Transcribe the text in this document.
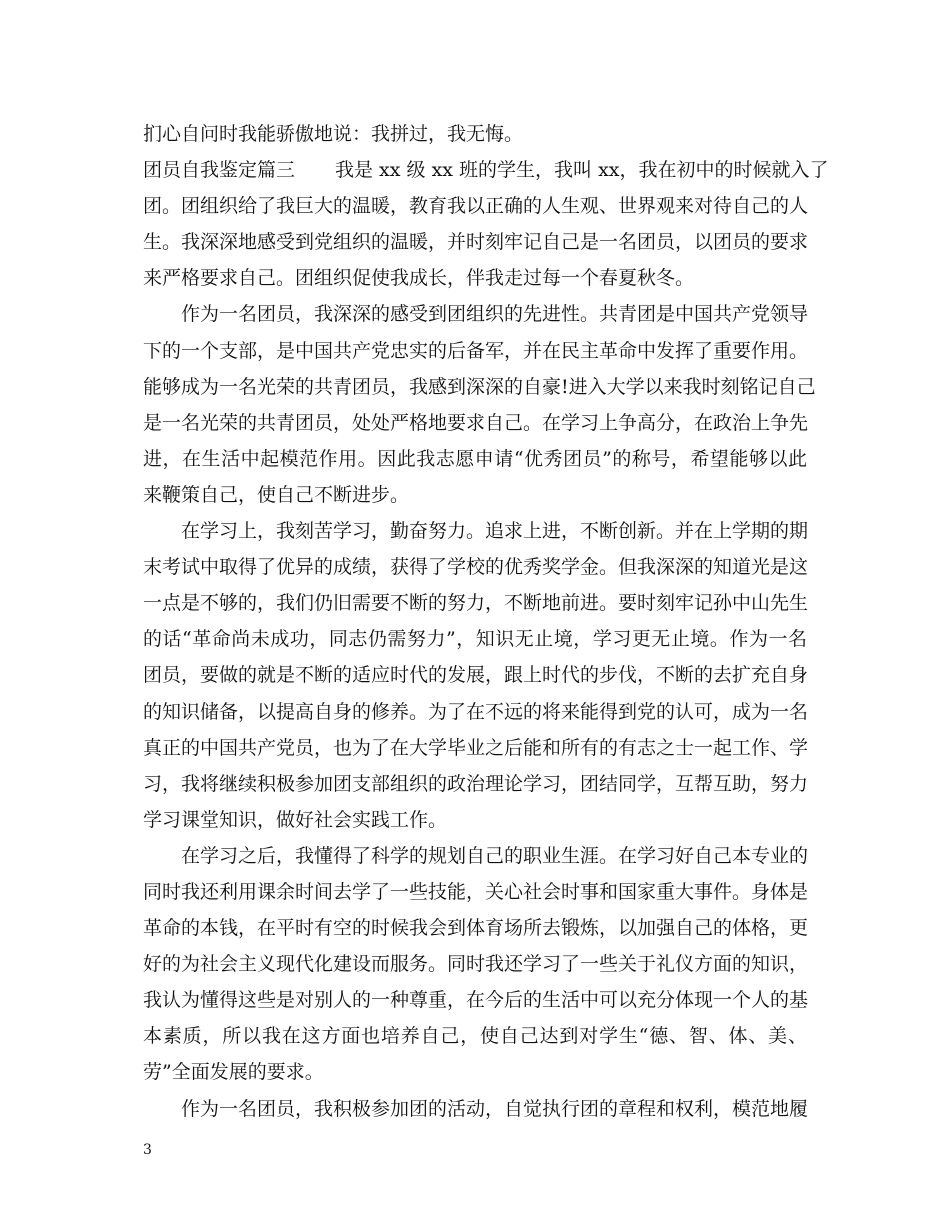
扪心自问时我能骄傲地说：我拼过，我无悔。
团员自我鉴定篇三 我是 xx 级 xx 班的学生，我叫 xx，我在初中的时候就入了
团。团组织给了我巨大的温暖，教育我以正确的人生观、世界观来对待自己的人
生。我深深地感受到党组织的温暖，并时刻牢记自己是一名团员，以团员的要求
来严格要求自己。团组织促使我成长，伴我走过每一个春夏秋冬。
作为一名团员，我深深的感受到团组织的先进性。共青团是中国共产党领导
下的一个支部，是中国共产党忠实的后备军，并在民主革命中发挥了重要作用。
能够成为一名光荣的共青团员，我感到深深的自豪!进入大学以来我时刻铭记自己
是一名光荣的共青团员，处处严格地要求自己。在学习上争高分，在政治上争先
进，在生活中起模范作用。因此我志愿申请“优秀团员”的称号，希望能够以此
来鞭策自己，使自己不断进步。
在学习上，我刻苦学习，勤奋努力。追求上进，不断创新。并在上学期的期
末考试中取得了优异的成绩，获得了学校的优秀奖学金。但我深深的知道光是这
一点是不够的，我们仍旧需要不断的努力，不断地前进。要时刻牢记孙中山先生
的话“革命尚未成功，同志仍需努力”，知识无止境，学习更无止境。作为一名
团员，要做的就是不断的适应时代的发展，跟上时代的步伐，不断的去扩充自身
的知识储备，以提高自身的修养。为了在不远的将来能得到党的认可，成为一名
真正的中国共产党员，也为了在大学毕业之后能和所有的有志之士一起工作、学
习，我将继续积极参加团支部组织的政治理论学习，团结同学，互帮互助，努力
学习课堂知识，做好社会实践工作。
在学习之后，我懂得了科学的规划自己的职业生涯。在学习好自己本专业的
同时我还利用课余时间去学了一些技能，关心社会时事和国家重大事件。身体是
革命的本钱，在平时有空的时候我会到体育场所去锻炼，以加强自己的体格，更
好的为社会主义现代化建设而服务。同时我还学习了一些关于礼仪方面的知识，
我认为懂得这些是对别人的一种尊重，在今后的生活中可以充分体现一个人的基
本素质，所以我在这方面也培养自己，使自己达到对学生“德、智、体、美、
劳”全面发展的要求。
作为一名团员，我积极参加团的活动，自觉执行团的章程和权利，模范地履
3
